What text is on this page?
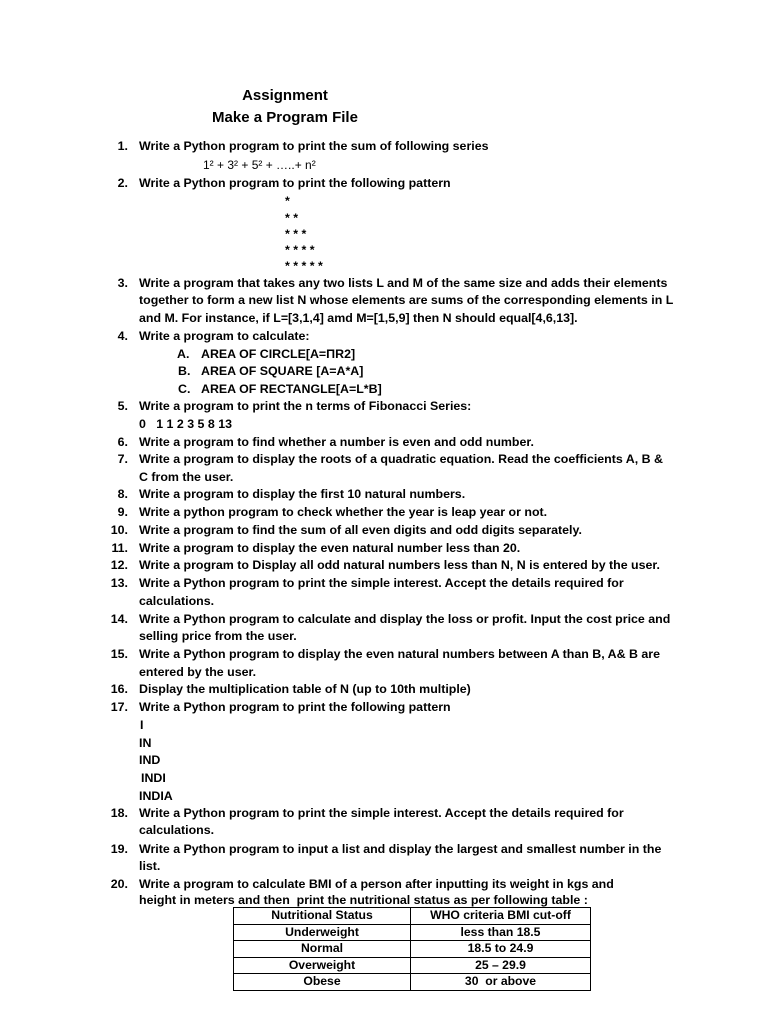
Assignment
Make a Program File
1. Write a Python program to print the sum of following series
1² + 3² + 5² + …..+ n²
2. Write a Python program to print the following pattern
*
* *
* * *
* * * *
* * * * *
3. Write a program that takes any two lists L and M of the same size and adds their elements
together to form a new list N whose elements are sums of the corresponding elements in L
and M. For instance, if L=[3,1,4] amd M=[1,5,9] then N should equal[4,6,13].
4. Write a program to calculate:
A. AREA OF CIRCLE[A=ΠR2]
B. AREA OF SQUARE [A=A*A]
C. AREA OF RECTANGLE[A=L*B]
5. Write a program to print the n terms of Fibonacci Series:
0   1 1 2 3 5 8 13
6. Write a program to find whether a number is even and odd number.
7. Write a program to display the roots of a quadratic equation. Read the coefficients A, B &
C from the user.
8. Write a program to display the first 10 natural numbers.
9. Write a python program to check whether the year is leap year or not.
10. Write a program to find the sum of all even digits and odd digits separately.
11. Write a program to display the even natural number less than 20.
12. Write a program to Display all odd natural numbers less than N, N is entered by the user.
13. Write a Python program to print the simple interest. Accept the details required for
calculations.
14. Write a Python program to calculate and display the loss or profit. Input the cost price and
selling price from the user.
15. Write a Python program to display the even natural numbers between A than B, A& B are
entered by the user.
16. Display the multiplication table of N (up to 10th multiple)
17. Write a Python program to print the following pattern
I
IN
IND
INDI
INDIA
18. Write a Python program to print the simple interest. Accept the details required for
calculations.
19. Write a Python program to input a list and display the largest and smallest number in the
list.
20. Write a program to calculate BMI of a person after inputting its weight in kgs and
height in meters and then  print the nutritional status as per following table :
Nutritional Status	WHO criteria BMI cut-off
Underweight	less than 18.5
Normal	18.5 to 24.9
Overweight	25 – 29.9
Obese	30  or above
